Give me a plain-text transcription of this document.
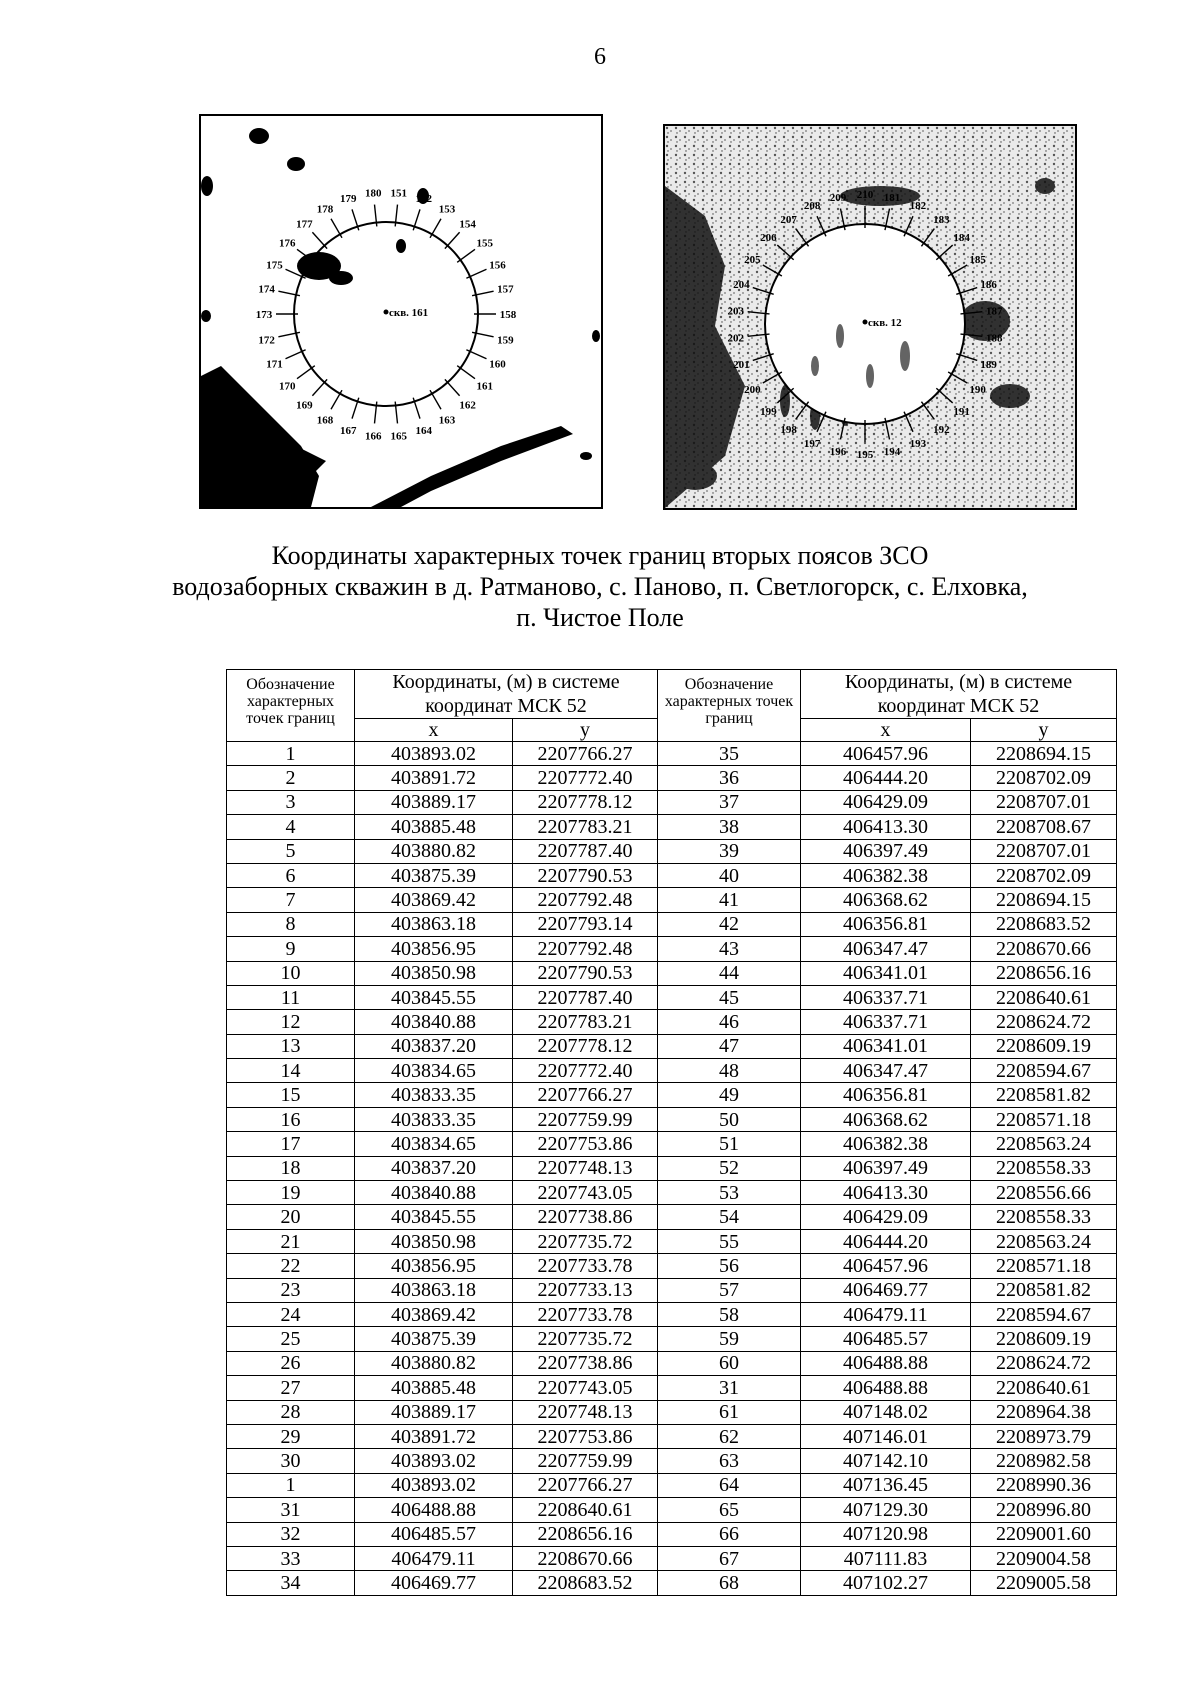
6
151 152
153
154
155
156
157
158
159
160
161
162
163
164
165
166
167
168
169
170
171
172
173
174
175
176
177
178
179 180
скв. 161
181
182
183
184
185
186
187
188
189
190
191
192
193
194
195
196
197
198
199
200
201
202
203
204
205
206
207
208
209 210
скв. 12
Координаты характерных точек границ вторых поясов ЗСО
водозаборных скважин в д. Ратманово, с. Паново, п. Светлогорск, с. Елховка,
п. Чистое Поле
Обозначение характерных точек границ	Координаты, (м) в системе координат МСК 52		Обозначение характерных точек границ	Координаты, (м) в системе координат МСК 52	
	x	y		x	y
1	403893.02	2207766.27	35	406457.96	2208694.15
2	403891.72	2207772.40	36	406444.20	2208702.09
3	403889.17	2207778.12	37	406429.09	2208707.01
4	403885.48	2207783.21	38	406413.30	2208708.67
5	403880.82	2207787.40	39	406397.49	2208707.01
6	403875.39	2207790.53	40	406382.38	2208702.09
7	403869.42	2207792.48	41	406368.62	2208694.15
8	403863.18	2207793.14	42	406356.81	2208683.52
9	403856.95	2207792.48	43	406347.47	2208670.66
10	403850.98	2207790.53	44	406341.01	2208656.16
11	403845.55	2207787.40	45	406337.71	2208640.61
12	403840.88	2207783.21	46	406337.71	2208624.72
13	403837.20	2207778.12	47	406341.01	2208609.19
14	403834.65	2207772.40	48	406347.47	2208594.67
15	403833.35	2207766.27	49	406356.81	2208581.82
16	403833.35	2207759.99	50	406368.62	2208571.18
17	403834.65	2207753.86	51	406382.38	2208563.24
18	403837.20	2207748.13	52	406397.49	2208558.33
19	403840.88	2207743.05	53	406413.30	2208556.66
20	403845.55	2207738.86	54	406429.09	2208558.33
21	403850.98	2207735.72	55	406444.20	2208563.24
22	403856.95	2207733.78	56	406457.96	2208571.18
23	403863.18	2207733.13	57	406469.77	2208581.82
24	403869.42	2207733.78	58	406479.11	2208594.67
25	403875.39	2207735.72	59	406485.57	2208609.19
26	403880.82	2207738.86	60	406488.88	2208624.72
27	403885.48	2207743.05	31	406488.88	2208640.61
28	403889.17	2207748.13	61	407148.02	2208964.38
29	403891.72	2207753.86	62	407146.01	2208973.79
30	403893.02	2207759.99	63	407142.10	2208982.58
1	403893.02	2207766.27	64	407136.45	2208990.36
31	406488.88	2208640.61	65	407129.30	2208996.80
32	406485.57	2208656.16	66	407120.98	2209001.60
33	406479.11	2208670.66	67	407111.83	2209004.58
34	406469.77	2208683.52	68	407102.27	2209005.58
